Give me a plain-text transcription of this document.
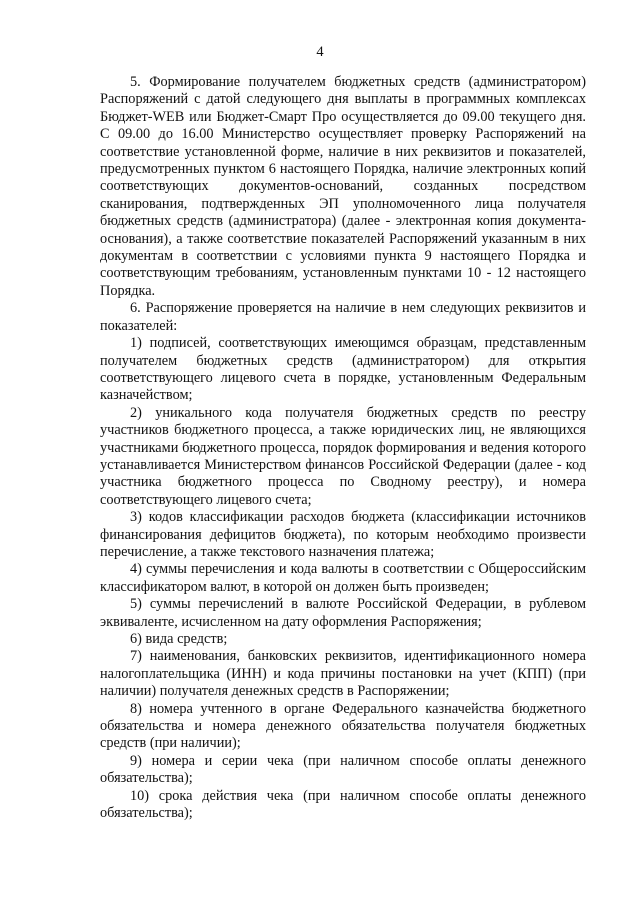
4

5. Формирование получателем бюджетных средств (администратором) Распоряжений с датой следующего дня выплаты в программных комплексах Бюджет-WEB или Бюджет-Смарт Про осуществляется до 09.00 текущего дня. С 09.00 до 16.00 Министерство осуществляет проверку Распоряжений на соответствие установленной форме, наличие в них реквизитов и показателей, предусмотренных пунктом 6 настоящего Порядка, наличие электронных копий соответствующих документов-оснований, созданных посредством сканирования, подтвержденных ЭП уполномоченного лица получателя бюджетных средств (администратора) (далее - электронная копия документа-основания), а также соответствие показателей Распоряжений указанным в них документам в соответствии с условиями пункта 9 настоящего Порядка и соответствующим требованиям, установленным пунктами 10 - 12 настоящего Порядка.

6. Распоряжение проверяется на наличие в нем следующих реквизитов и показателей:

1) подписей, соответствующих имеющимся образцам, представленным получателем бюджетных средств (администратором) для открытия соответствующего лицевого счета в порядке, установленным Федеральным казначейством;

2) уникального кода получателя бюджетных средств по реестру участников бюджетного процесса, а также юридических лиц, не являющихся участниками бюджетного процесса, порядок формирования и ведения которого устанавливается Министерством финансов Российской Федерации (далее - код участника бюджетного процесса по Сводному реестру), и номера соответствующего лицевого счета;

3) кодов классификации расходов бюджета (классификации источников финансирования дефицитов бюджета), по которым необходимо произвести перечисление, а также текстового назначения платежа;

4) суммы перечисления и кода валюты в соответствии с Общероссийским классификатором валют, в которой он должен быть произведен;

5) суммы перечислений в валюте Российской Федерации, в рублевом эквиваленте, исчисленном на дату оформления Распоряжения;

6) вида средств;

7) наименования, банковских реквизитов, идентификационного номера налогоплательщика (ИНН) и кода причины постановки на учет (КПП) (при наличии) получателя денежных средств в Распоряжении;

8) номера учтенного в органе Федерального казначейства бюджетного обязательства и номера денежного обязательства получателя бюджетных средств (при наличии);

9) номера и серии чека (при наличном способе оплаты денежного обязательства);

10) срока действия чека (при наличном способе оплаты денежного обязательства);
